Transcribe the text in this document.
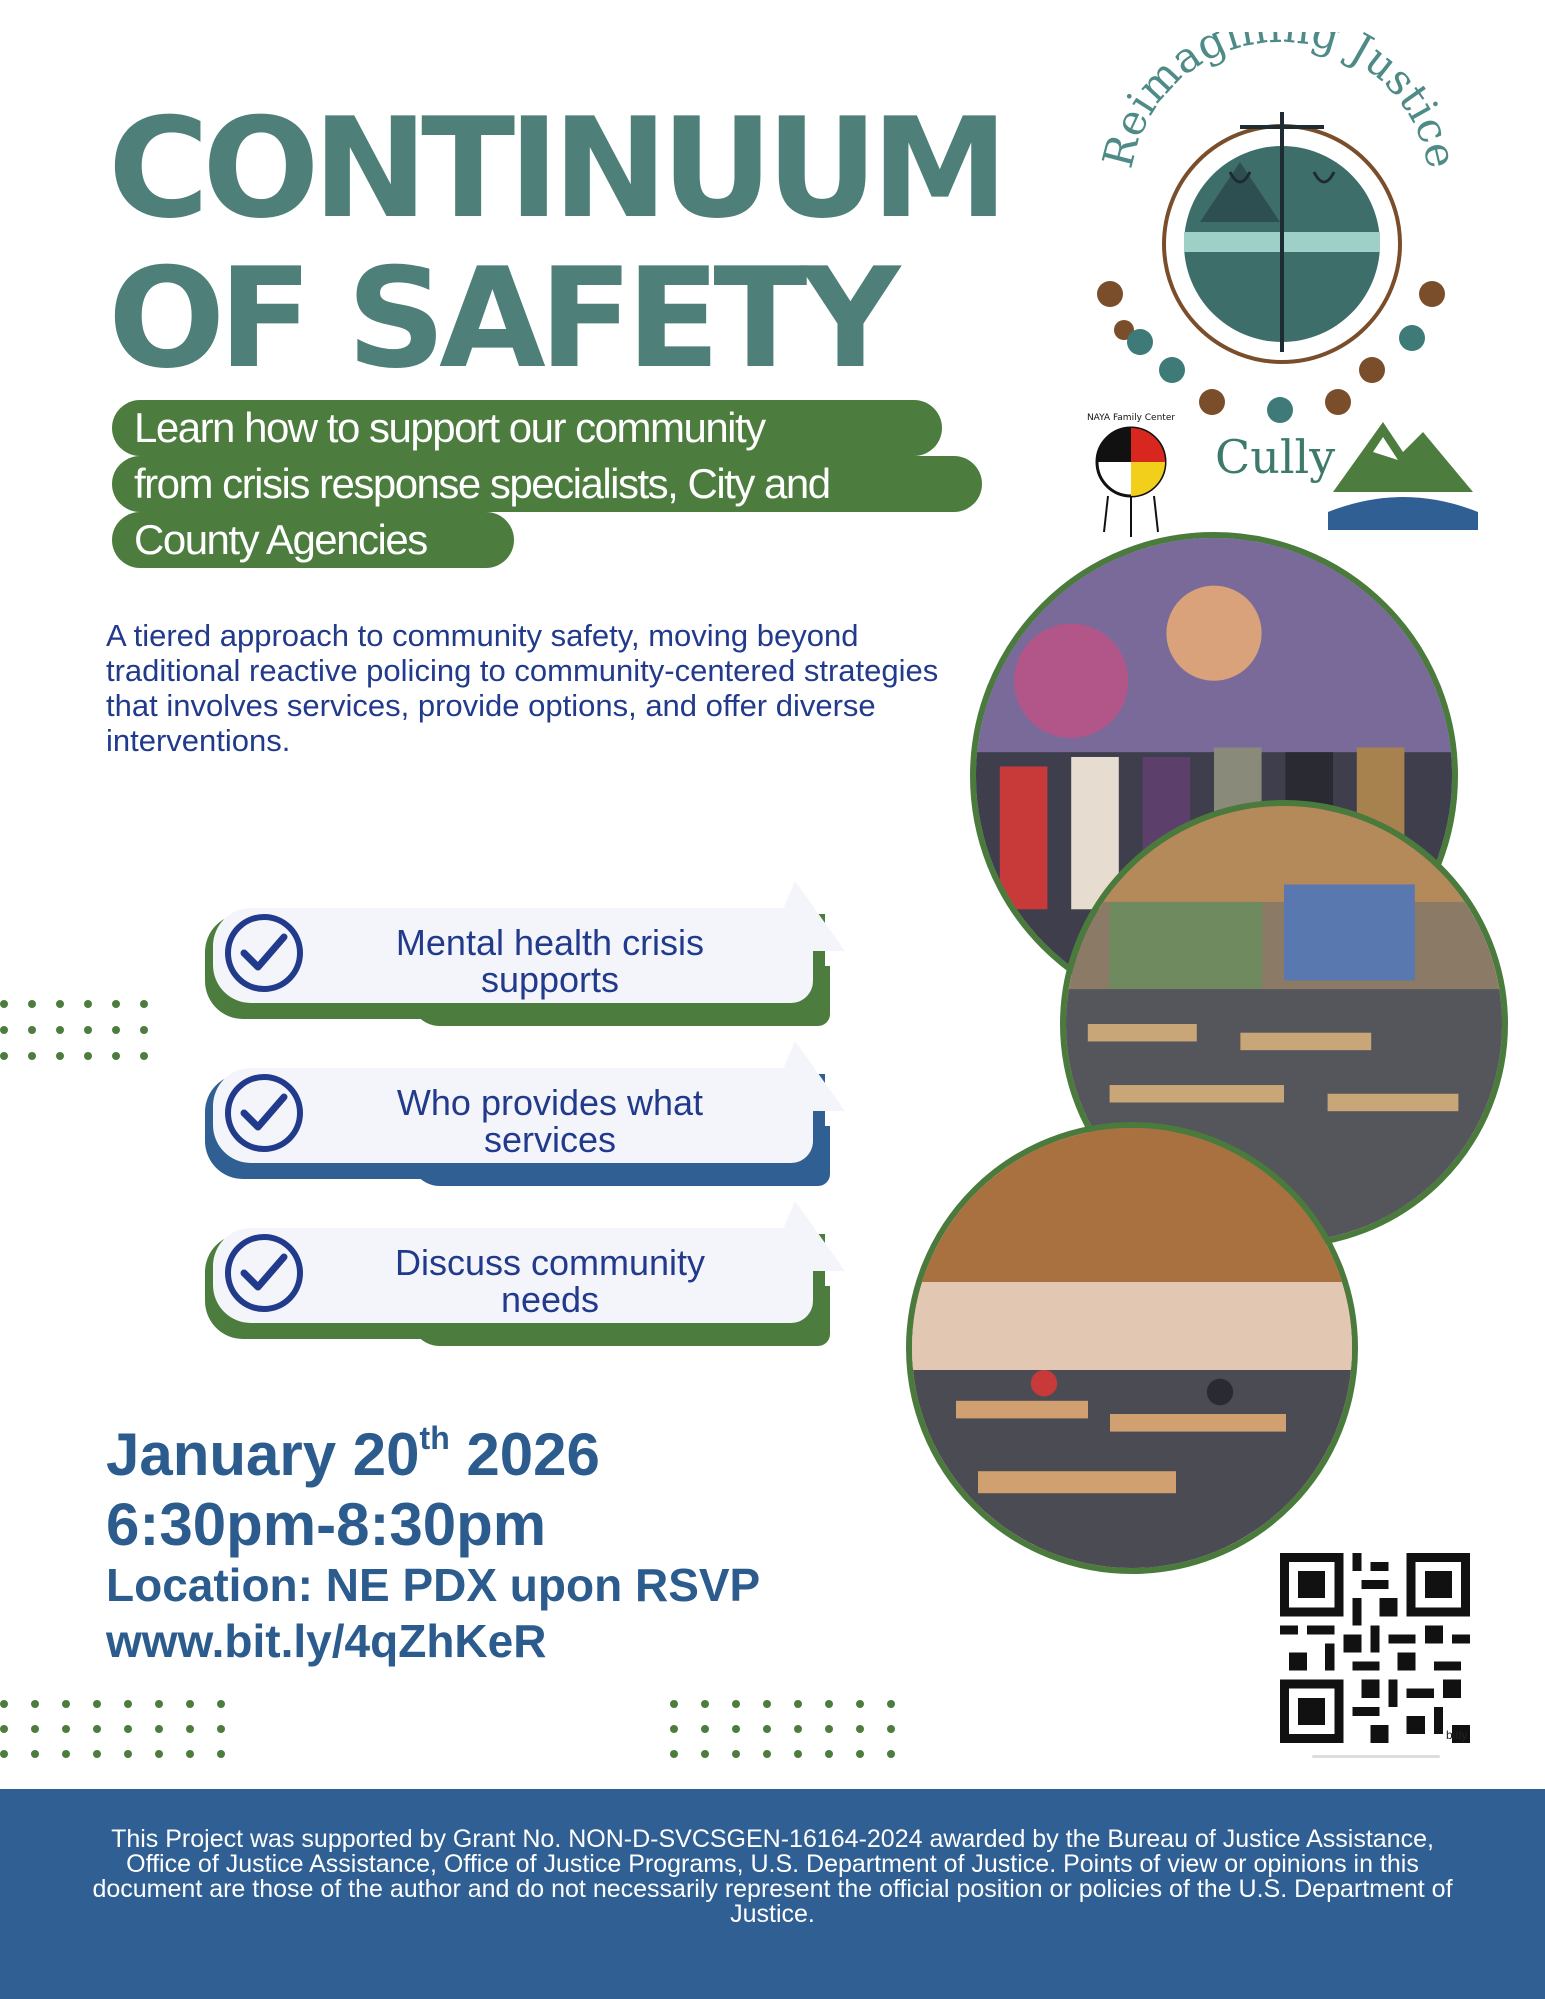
CONTINUUM
OF SAFETY
Learn how to support our community
from crisis response specialists, City and
County Agencies
A tiered approach to community safety, moving beyond traditional reactive policing to community-centered strategies that involves services, provide options, and offer diverse interventions.
Mental health crisis
supports
Who provides what
services
Discuss community
needs
January 20th 2026
6:30pm-8:30pm
Location: NE PDX upon RSVP
www.bit.ly/4qZhKeR
Reimagi g Justice
NAYA Family Center
Cully
bitly

This Project was supported by Grant No. NON-D-SVCSGEN-16164-2024 awarded by the Bureau of Justice Assistance, Office of Justice Assistance, Office of Justice Programs, U.S. Department of Justice. Points of view or opinions in this document are those of the author and do not necessarily represent the official position or policies of the U.S. Department of Justice.
